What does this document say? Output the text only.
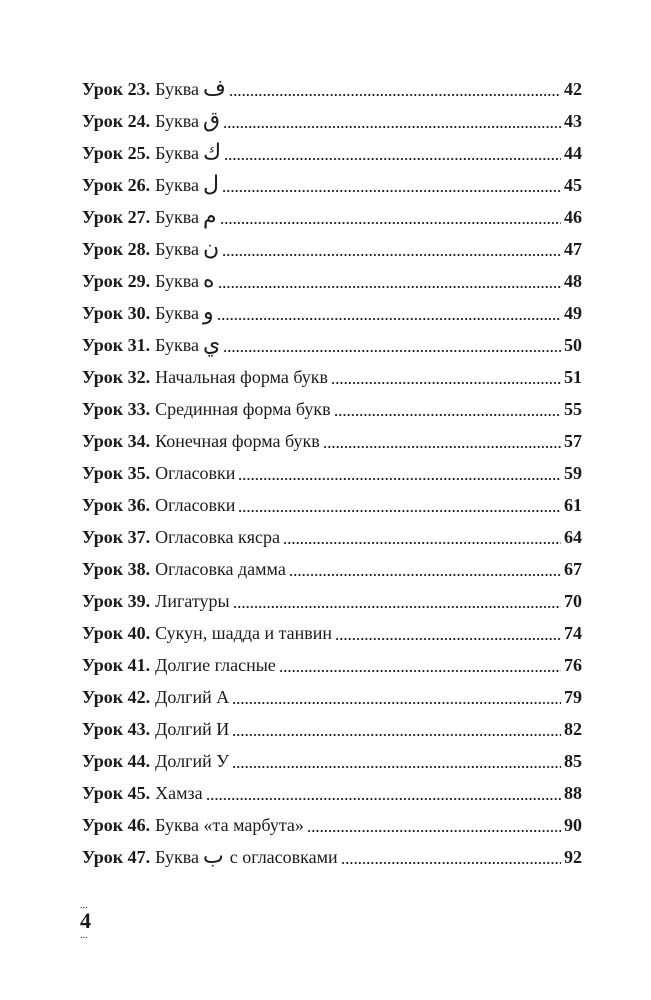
Урок 23. Буква ف	42
Урок 24. Буква ق	43
Урок 25. Буква ك	44
Урок 26. Буква ل	45
Урок 27. Буква م	46
Урок 28. Буква ن	47
Урок 29. Буква ه	48
Урок 30. Буква و	49
Урок 31. Буква ي	50
Урок 32. Начальная форма букв	51
Урок 33. Срединная форма букв	55
Урок 34. Конечная форма букв	57
Урок 35. Огласовки	59
Урок 36. Огласовки	61
Урок 37. Огласовка кясра	64
Урок 38. Огласовка дамма	67
Урок 39. Лигатуры	70
Урок 40. Сукун, шадда и танвин	74
Урок 41. Долгие гласные	76
Урок 42. Долгий А	79
Урок 43. Долгий И	82
Урок 44. Долгий У	85
Урок 45. Хамза	88
Урок 46. Буква «та марбута»	90
Урок 47. Буква ب с огласовками	92
...
4
...
